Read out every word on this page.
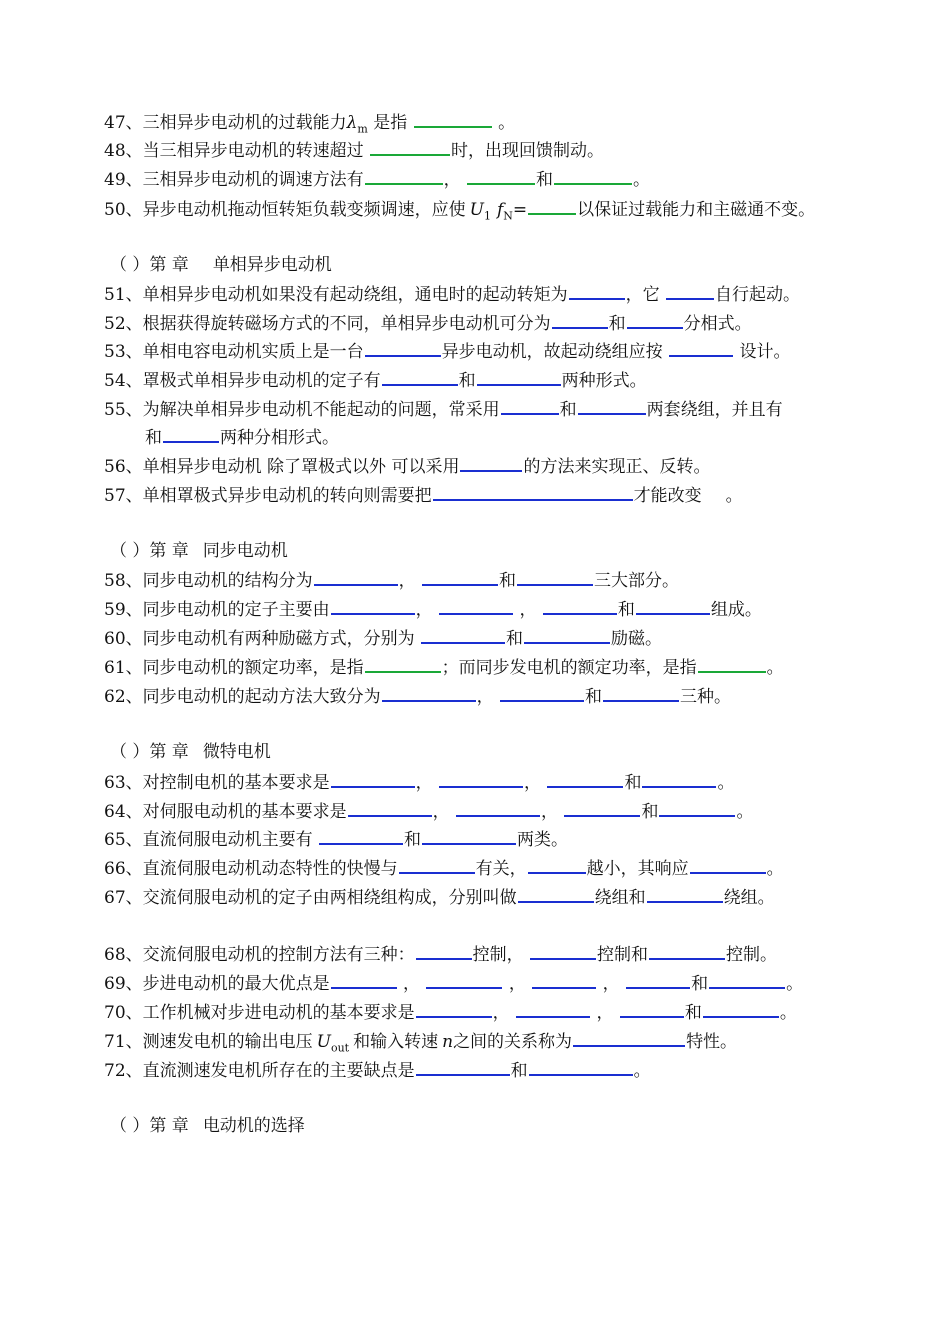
47、三相异步电动机的过载能力$\lambda_m$ 是指	。
48、当三相异步电动机的转速超过	时，出现回馈制动。
49、三相异步电动机的调速方法有	，	和	。
50、异步电动机拖动恒转矩负载变频调速，应使 $U_1$ $f_N=$	以保证过载能力和主磁通不变。
（ ）第 章 单相异步电动机
51、单相异步电动机如果没有起动绕组，通电时的起动转矩为	，它	自行起动。
52、根据获得旋转磁场方式的不同，单相异步电动机可分为	和	分相式。
53、单相电容电动机实质上是一台	异步电动机，故起动绕组应按	设计。
54、罩极式单相异步电动机的定子有	和	两种形式。
55、为解决单相异步电动机不能起动的问题，常采用	和	两套绕组，并且有
和	两种分相形式。
56、单相异步电动机 除了罩极式以外 可以采用	的方法来实现正、反转。
57、单相罩极式异步电动机的转向则需要把	才能改变 。
（ ）第 章 同步电动机
58、同步电动机的结构分为	，	和	三大部分。
59、同步电动机的定子主要由	，	，	和	组成。
60、同步电动机有两种励磁方式，分别为	和	励磁。
61、同步电动机的额定功率，是指	；而同步发电机的额定功率，是指	。
62、同步电动机的起动方法大致分为	，	和	三种。
（ ）第 章 微特电机
63、对控制电机的基本要求是	，	，	和	。
64、对伺服电动机的基本要求是	，	，	和	。
65、直流伺服电动机主要有	和	两类。
66、直流伺服电动机动态特性的快慢与	有关，	越小，其响应	。
67、交流伺服电动机的定子由两相绕组构成，分别叫做	绕组和	绕组。
68、交流伺服电动机的控制方法有三种：	控制，	控制和	控制。
69、步进电动机的最大优点是	，	，	，	和	。
70、工作机械对步进电动机的基本要求是	，	，	和	。
71、测速发电机的输出电压 $U_{out}$ 和输入转速 n之间的关系称为	特性。
72、直流测速发电机所存在的主要缺点是	和	。
（ ）第 章 电动机的选择
